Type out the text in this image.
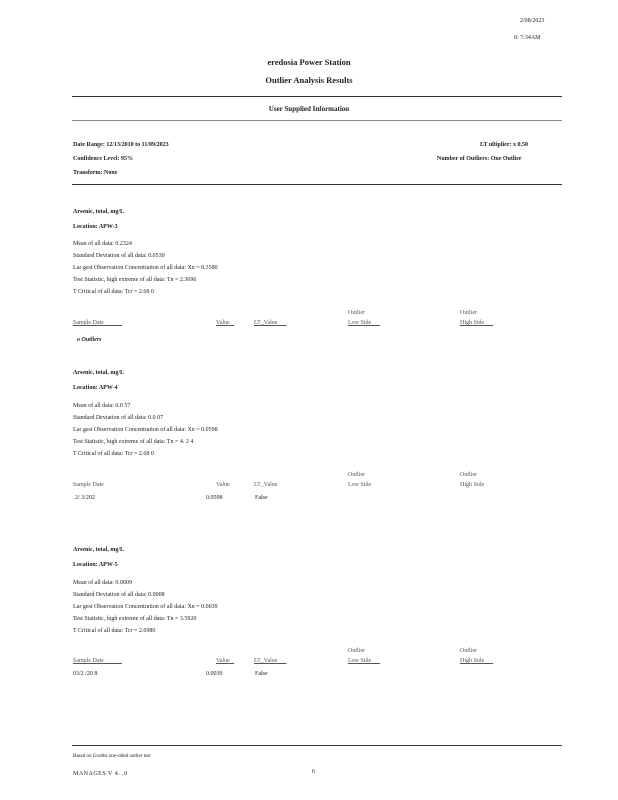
2/08/2023
0: 7:34AM
eredosia Power Station
Outlier Analysis Results
User Supplied Information
Date Range: 12/13/2010 to 11/09/2023	LT ultiplier: x 0.50
Confidence Level: 95%	Number of Outliers: One Outlier
Transform: None
Arsenic, total, mg/L
Location: APW-3
Mean of all data: 0.2324
Standard Deviation of all data: 0.0530
Lar gest Observation Concentration of all data: Xn = 0.3580
Test Statistic, high extreme of all data: Tn = 2.3696
T Critical of all data: Tcr = 2.68 0
Outlier	Outlier
Sample Date	Value	LT_Value	Low Side	High Side
o Outliers
Arsenic, total, mg/L
Location: APW-4
Mean of all data: 0.0 57
Standard Deviation of all data: 0.0 07
Lar gest Observation Concentration of all data: Xn = 0.0598
Test Statistic, high extreme of all data: Tn = 4. 2 4
T Critical of all data: Tcr = 2.68 0
Outlier	Outlier
Sample Date	Value	LT_Value	Low Side	High Side
2/ 3/202	0.0598	False
Arsenic, total, mg/L
Location: APW-5
Mean of all data: 0.0009
Standard Deviation of all data: 0.0008
Lar gest Observation Concentration of all data: Xn = 0.0039
Test Statistic, high extreme of all data: Tn = 3.5920
T Critical of all data: Tcr = 2.6980
Outlier	Outlier
Sample Date	Value	LT_Value	Low Side	High Side
03/2 /20 8	0.0039	False
Based on Grubbs one-sided outlier test
MANAGES V 4. .0	6
